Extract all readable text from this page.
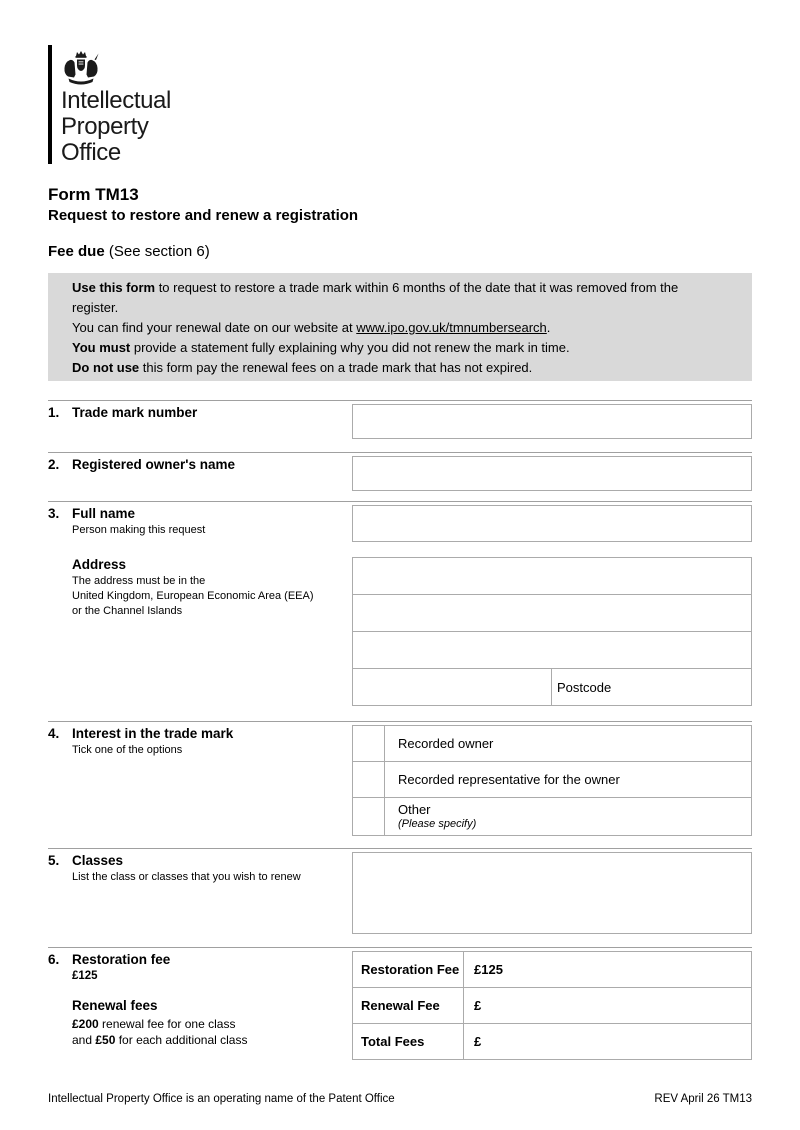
Intellectual
Property
Office
Form TM13
Request to restore and renew a registration
Fee due (See section 6)
Use this form to request to restore a trade mark within 6 months of the date that it was removed from the register.
You can find your renewal date on our website at www.ipo.gov.uk/tmnumbersearch.
You must provide a statement fully explaining why you did not renew the mark in time.
Do not use this form pay the renewal fees on a trade mark that has not expired.
1. Trade mark number
2. Registered owner's name
3. Full name
Person making this request
Address
The address must be in the
United Kingdom, European Economic Area (EEA)
or the Channel Islands
Postcode
4. Interest in the trade mark
Tick one of the options	Recorded owner
Recorded representative for the owner
Other
(Please specify)
5. Classes
List the class or classes that you wish to renew
6. Restoration fee
£125
Renewal fees
£200 renewal fee for one class
and £50 for each additional class
Restoration Fee	£125
Renewal Fee	£
Total Fees	£
Intellectual Property Office is an operating name of the Patent Office	REV April 26 TM13
